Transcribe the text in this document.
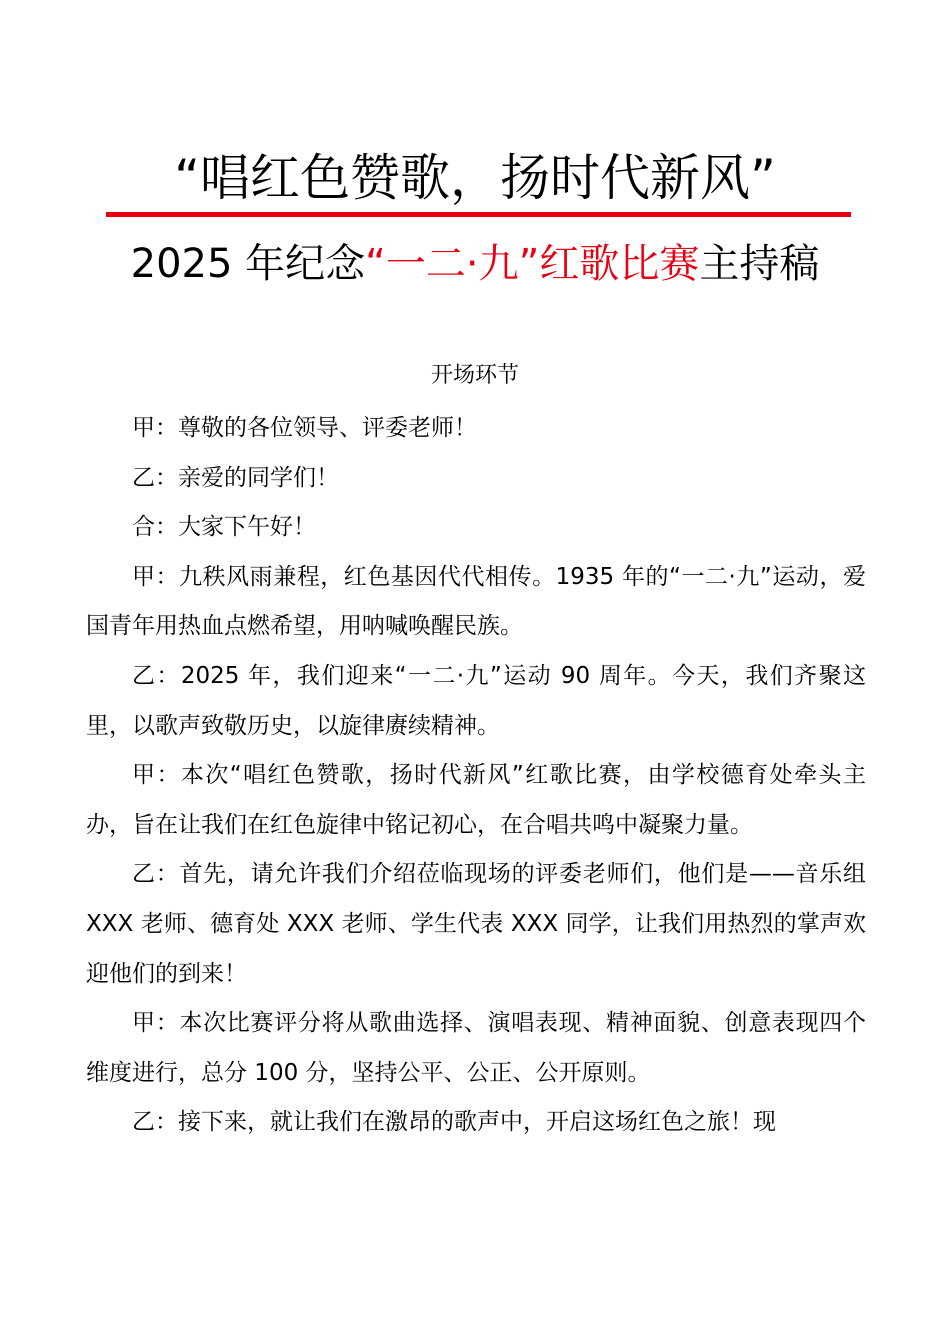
“唱红色赞歌，扬时代新风”
2025 年纪念“一二·九”红歌比赛主持稿
开场环节

甲：尊敬的各位领导、评委老师！

乙：亲爱的同学们！

合：大家下午好！

甲：九秩风雨兼程，红色基因代代相传。1935 年的“一二·九”运动，爱国青年用热血点燃希望，用呐喊唤醒民族。

乙：2025 年，我们迎来“一二·九”运动 90 周年。今天，我们齐聚这里，以歌声致敬历史，以旋律赓续精神。

甲：本次“唱红色赞歌，扬时代新风”红歌比赛，由学校德育处牵头主办，旨在让我们在红色旋律中铭记初心，在合唱共鸣中凝聚力量。

乙：首先，请允许我们介绍莅临现场的评委老师们，他们是——音乐组 XXX 老师、德育处 XXX 老师、学生代表 XXX 同学，让我们用热烈的掌声欢迎他们的到来！

甲：本次比赛评分将从歌曲选择、演唱表现、精神面貌、创意表现四个维度进行，总分 100 分，坚持公平、公正、公开原则。

乙：接下来，就让我们在激昂的歌声中，开启这场红色之旅！现
